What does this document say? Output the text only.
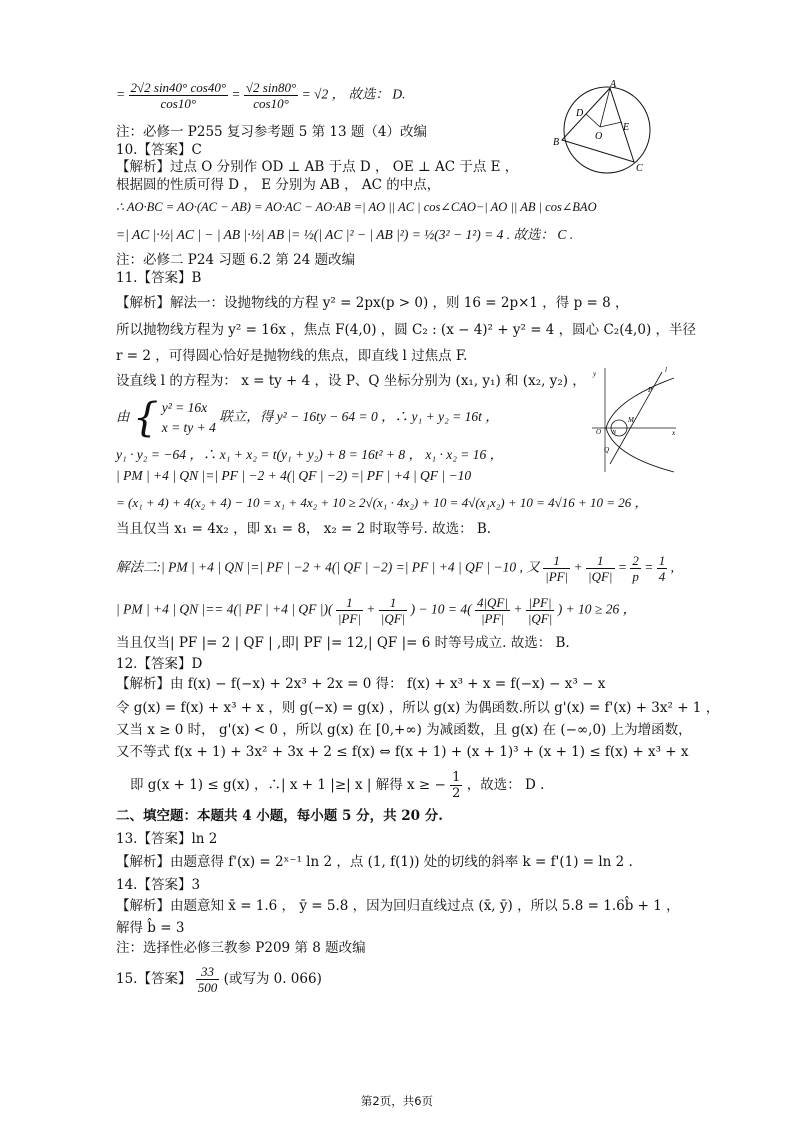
= $\frac{2√2 \sin 40^\circ \cos 40^\circ}{\cos 10^\circ} = \frac{√2 \sin 80^\circ}{\cos 10^\circ} = √2$ ， 故选： D.
注：必修一 P255 复习参考题 5 第 13 题（4）改编
10.【答案】C
【解析】过点 O 分别作 OD ⊥ AB 于点 D ， OE ⊥ AC 于点 E ，
根据圆的性质可得 D ， E 分别为 AB ， AC 的中点，
∴ AO·BC = AO·(AC − AB) = AO·AC − AO·AB =| AO || AC | cos∠CAO−| AO || AB | cos∠BAO
=| AC |·½| AC | − | AB |·½| AB |= ½(| AC |² − | AB |²) = ½(3² − 1²) = 4 . 故选： C .
注：必修二 P24 习题 6.2 第 24 题改编
11.【答案】B
【解析】解法一：设抛物线的方程 y² = 2px(p > 0) ，则 16 = 2p×1 ，得 p = 8 ，
所以抛物线方程为 y² = 16x ，焦点 F(4,0) ，圆 C₂ : (x − 4)² + y² = 4 ，圆心 C₂(4,0) ，半径
r = 2 ，可得圆心恰好是抛物线的焦点，即直线 l 过焦点 F.
设直线 l 的方程为： x = ty + 4 ，设 P、Q 坐标分别为 (x₁, y₁) 和 (x₂, y₂) ，
由 { y² = 16x
x = ty + 4
联立，得 y² − 16ty − 64 = 0 ，∴ y₁ + y₂ = 16t ，
y₁ · y₂ = −64 ，∴ x₁ + x₂ = t(y₁ + y₂) + 8 = 16t² + 8 ， x₁ · x₂ = 16 ，
| PM | +4 | QN |=| PF | −2 + 4(| QF | −2) =| PF | +4 | QF | −10
= (x₁ + 4) + 4(x₂ + 4) − 10 = x₁ + 4x₂ + 10 ≥ 2√(x₁ · 4x₂) + 10 = 4√(x₁x₂) + 10 = 4√16 + 10 = 26 ，
当且仅当 x₁ = 4x₂ ，即 x₁ = 8， x₂ = 2 时取等号. 故选： B.
解法二:| PM | +4 | QN |=| PF | −2 + 4(| QF | −2) =| PF | +4 | QF | −10 , 又 $\frac{1}{|PF|} + \frac{1}{|QF|} = \frac{2}{p} = \frac{1}{4}$ ,
| PM | +4 | QN |== 4(| PF | +4 | QF |)( $\frac{1}{|PF|} + \frac{1}{|QF|}$ ) − $10 = 4( \frac{4|QF|}{|PF|} + \frac{|PF|}{|QF|}$ ) + 10 ≥ 26 ，
当且仅当| PF |= 2 | QF | ,即| PF |= 12,| QF |= 6 时等号成立. 故选： B.
12.【答案】D
【解析】由 f(x) − f(−x) + 2x³ + 2x = 0 得： f(x) + x³ + x = f(−x) − x³ − x
令 g(x) = f(x) + x³ + x ，则 g(−x) = g(x) ，所以 g(x) 为偶函数.所以 g'(x) = f'(x) + 3x² + 1 ，
又当 x ≥ 0 时， g'(x) < 0 ，所以 g(x) 在 [0,+∞) 为减函数，且 g(x) 在 (−∞,0) 上为增函数，
又不等式 f(x + 1) + 3x² + 3x + 2 ≤ f(x) ⇔ f(x + 1) + (x + 1)³ + (x + 1) ≤ f(x) + x³ + x
即 g(x + 1) ≤ g(x) ，∴| x + 1 |≥| x | 解得 x ≥ − $\frac{1}{2}$ ，故选： D .
二、填空题：本题共 4 小题，每小题 5 分，共 20 分.
13.【答案】ln 2
【解析】由题意得 f'(x) = 2ˣ⁻¹ ln 2 ，点 (1, f(1)) 处的切线的斜率 k = f'(1) = ln 2 .
14.【答案】3
【解析】由题意知 x̄ = 1.6 ， ȳ = 5.8 ，因为回归直线过点 (x̄, ȳ) ，所以 5.8 = 1.6b̂ + 1 ，
解得 b̂ = 3
注：选择性必修三教参 P209 第 8 题改编
15.【答案】 $\frac{33}{500}$ (或写为 0. 066)
A
B
C
D
E
O
y
P
M
O N
Q
x
l
第2页，共6页
